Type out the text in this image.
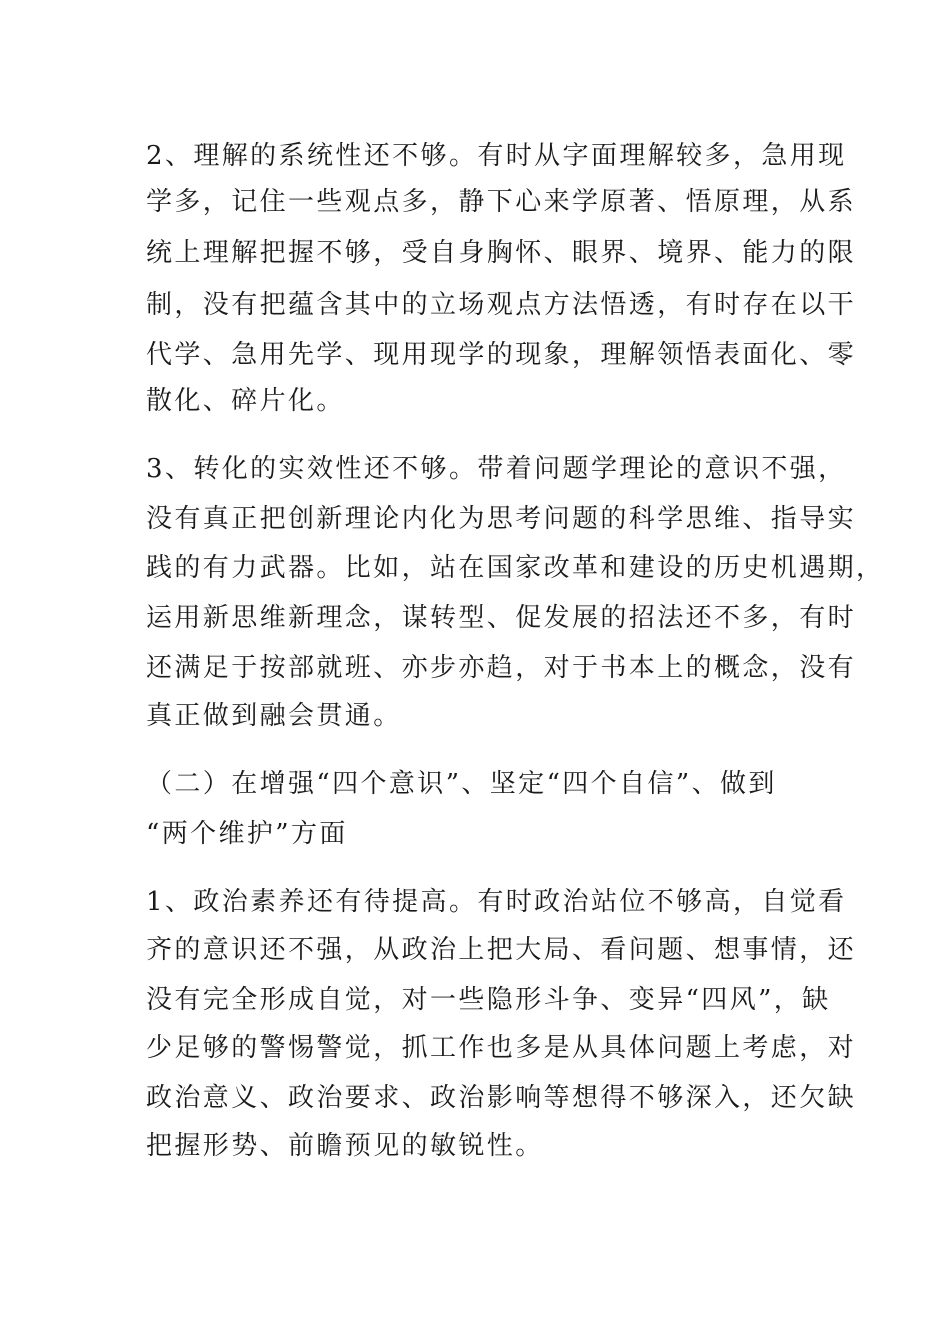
2、理解的系统性还不够。有时从字面理解较多，急用现
学多，记住一些观点多，静下心来学原著、悟原理，从系
统上理解把握不够，受自身胸怀、眼界、境界、能力的限
制，没有把蕴含其中的立场观点方法悟透，有时存在以干
代学、急用先学、现用现学的现象，理解领悟表面化、零
散化、碎片化。
3、转化的实效性还不够。带着问题学理论的意识不强，
没有真正把创新理论内化为思考问题的科学思维、指导实
践的有力武器。比如，站在国家改革和建设的历史机遇期，
运用新思维新理念，谋转型、促发展的招法还不多，有时
还满足于按部就班、亦步亦趋，对于书本上的概念，没有
真正做到融会贯通。
（二）在增强“四个意识”、坚定“四个自信”、做到
“两个维护”方面
1、政治素养还有待提高。有时政治站位不够高，自觉看
齐的意识还不强，从政治上把大局、看问题、想事情，还
没有完全形成自觉，对一些隐形斗争、变异“四风”，缺
少足够的警惕警觉，抓工作也多是从具体问题上考虑，对
政治意义、政治要求、政治影响等想得不够深入，还欠缺
把握形势、前瞻预见的敏锐性。
